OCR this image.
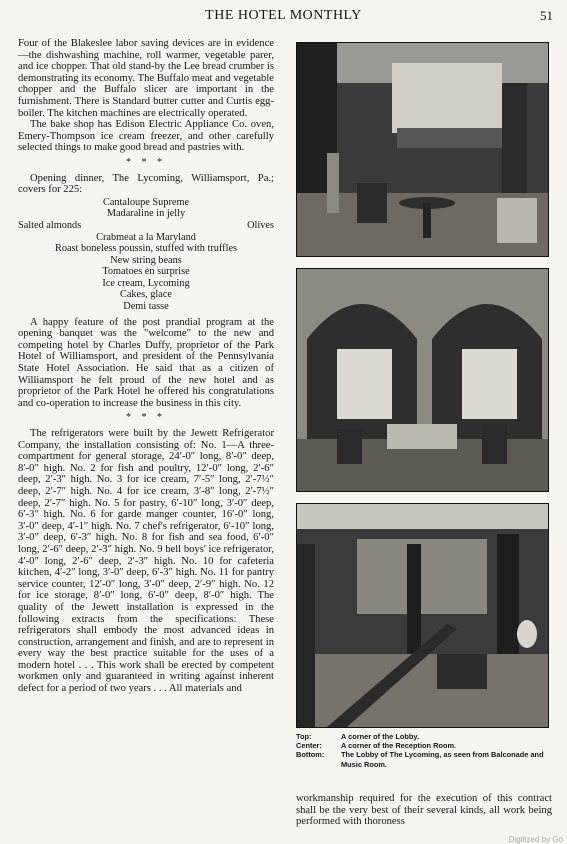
THE HOTEL MONTHLY	51

Four of the Blakeslee labor saving devices are in evidence—the dishwashing machine, roll warmer, vegetable parer, and ice chopper. That old stand-by the Lee bread crumber is demonstrating its economy. The Buffalo meat and vegetable chopper and the Buffalo slicer are important in the furnishment. There is Standard butter cutter and Curtis egg-boiler. The kitchen machines are electrically operated.

The bake shop has Edison Electric Appliance Co. oven, Emery-Thompson ice cream freezer, and other carefully selected things to make good bread and pastries with.

* * *

Opening dinner, The Lycoming, Williamsport, Pa.; covers for 225:

Cantaloupe Supreme
Madaraline in jelly
Salted almonds	Olives
Crabmeat a la Maryland
Roast boneless poussin, stuffed with truffles
New string beans
Tomatoes en surprise
Ice cream, Lycoming
Cakes, glace
Demi tasse

A happy feature of the post prandial program at the opening banquet was the "welcome" to the new and competing hotel by Charles Duffy, proprietor of the Park Hotel of Williamsport, and president of the Pennsylvania State Hotel Association. He said that as a citizen of Williamsport he felt proud of the new hotel and as proprietor of the Park Hotel he offered his congratulations and co-operation to increase the business in this city.

* * *

The refrigerators were built by the Jewett Refrigerator Company, the installation consisting of: No. 1—A three-compartment for general storage, 24′-0″ long, 8′-0″ deep, 8′-0″ high. No. 2 for fish and poultry, 12′-0″ long, 2′-6″ deep, 2′-3″ high. No. 3 for ice cream, 7′-5″ long, 2′-7½″ deep, 2′-7″ high. No. 4 for ice cream, 3′-8″ long, 2′-7½″ deep, 2′-7″ high. No. 5 for pastry, 6′-10″ long, 3′-0″ deep, 6′-3″ high. No. 6 for garde manger counter, 16′-0″ long, 3′-0″ deep, 4′-1″ high. No. 7 chef's refrigerator, 6′-10″ long, 3′-0″ deep, 6′-3″ high. No. 8 for fish and sea food, 6′-0″ long, 2′-6″ deep, 2′-3″ high. No. 9 bell boys' ice refrigerator, 4′-0″ long, 2′-6″ deep, 2′-3″ high. No. 10 for cafeteria kitchen, 4′-2″ long, 3′-0″ deep, 6′-3″ high. No. 11 for pantry service counter, 12′-0″ long, 3′-0″ deep, 2′-9″ high. No. 12 for ice storage, 8′-0″ long, 6′-0″ deep, 8′-0″ high. The quality of the Jewett installation is expressed in the following extracts from the specifications: These refrigerators shall embody the most advanced ideas in construction, arrangement and finish, and are to represent in every way the best practice suitable for the uses of a modern hotel . . . This work shall be erected by competent workmen only and guaranteed in writing against inherent defect for a period of two years . . . All materials and

Top:	A corner of the Lobby.
Center:	A corner of the Reception Room.
Bottom:	The Lobby of The Lycoming, as seen from Balconade and Music Room.
workmanship required for the execution of this contract shall be the very best of their several kinds, all work being performed with thoroness
Digitized by Go
